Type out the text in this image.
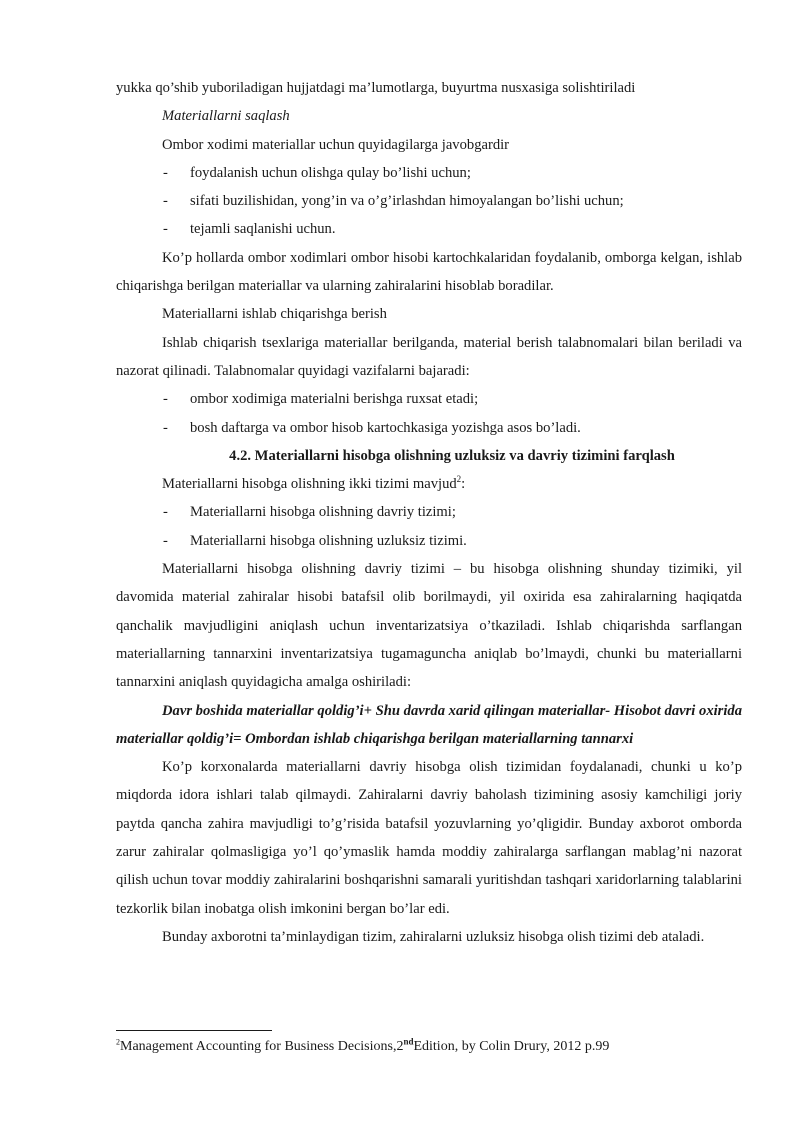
yukka qo’shib yuboriladigan hujjatdagi ma’lumotlarga, buyurtma nusxasiga solishtiriladi

Materiallarni saqlash

Ombor xodimi materiallar uchun quyidagilarga javobgardir

- foydalanish uchun olishga qulay bo’lishi uchun;

- sifati buzilishidan, yong’in va o’g’irlashdan himoyalangan bo’lishi uchun;

- tejamli saqlanishi uchun.

Ko’p hollarda ombor xodimlari ombor hisobi kartochkalaridan foydalanib, omborga kelgan, ishlab chiqarishga berilgan materiallar va ularning zahiralarini hisoblab boradilar.

Materiallarni ishlab chiqarishga berish

Ishlab chiqarish tsexlariga materiallar berilganda, material berish talabnomalari bilan beriladi va nazorat qilinadi. Talabnomalar quyidagi vazifalarni bajaradi:

- ombor xodimiga materialni berishga ruxsat etadi;

- bosh daftarga va ombor hisob kartochkasiga yozishga asos bo’ladi.

4.2. Materiallarni hisobga olishning uzluksiz va davriy tizimini farqlash

Materiallarni hisobga olishning ikki tizimi mavjud$^2$:

- Materiallarni hisobga olishning davriy tizimi;

- Materiallarni hisobga olishning uzluksiz tizimi.

Materiallarni hisobga olishning davriy tizimi – bu hisobga olishning shunday tizimiki, yil davomida material zahiralar hisobi batafsil olib borilmaydi, yil oxirida esa zahiralarning haqiqatda qanchalik mavjudligini aniqlash uchun inventarizatsiya o’tkaziladi. Ishlab chiqarishda sarflangan materiallarning tannarxini inventarizatsiya tugamaguncha aniqlab bo’lmaydi, chunki bu materiallarni tannarxini aniqlash quyidagicha amalga oshiriladi:

Davr boshida materiallar qoldig’i+ Shu davrda xarid qilingan materiallar- Hisobot davri oxirida materiallar qoldig’i= Ombordan ishlab chiqarishga berilgan materiallarning tannarxi

Ko’p korxonalarda materiallarni davriy hisobga olish tizimidan foydalanadi, chunki u ko’p miqdorda idora ishlari talab qilmaydi. Zahiralarni davriy baholash tizimining asosiy kamchiligi joriy paytda qancha zahira mavjudligi to’g’risida batafsil yozuvlarning yo’qligidir. Bunday axborot omborda zarur zahiralar qolmasligiga yo’l qo’ymaslik hamda moddiy zahiralarga sarflangan mablag’ni nazorat qilish uchun tovar moddiy zahiralarini boshqarishni samarali yuritishdan tashqari xaridorlarning talablarini tezkorlik bilan inobatga olish imkonini bergan bo’lar edi.

Bunday axborotni ta’minlaydigan tizim, zahiralarni uzluksiz hisobga olish tizimi deb ataladi.

$^2$Management Accounting for Business Decisions,2ndEdition, by Colin Drury, 2012 p.99
